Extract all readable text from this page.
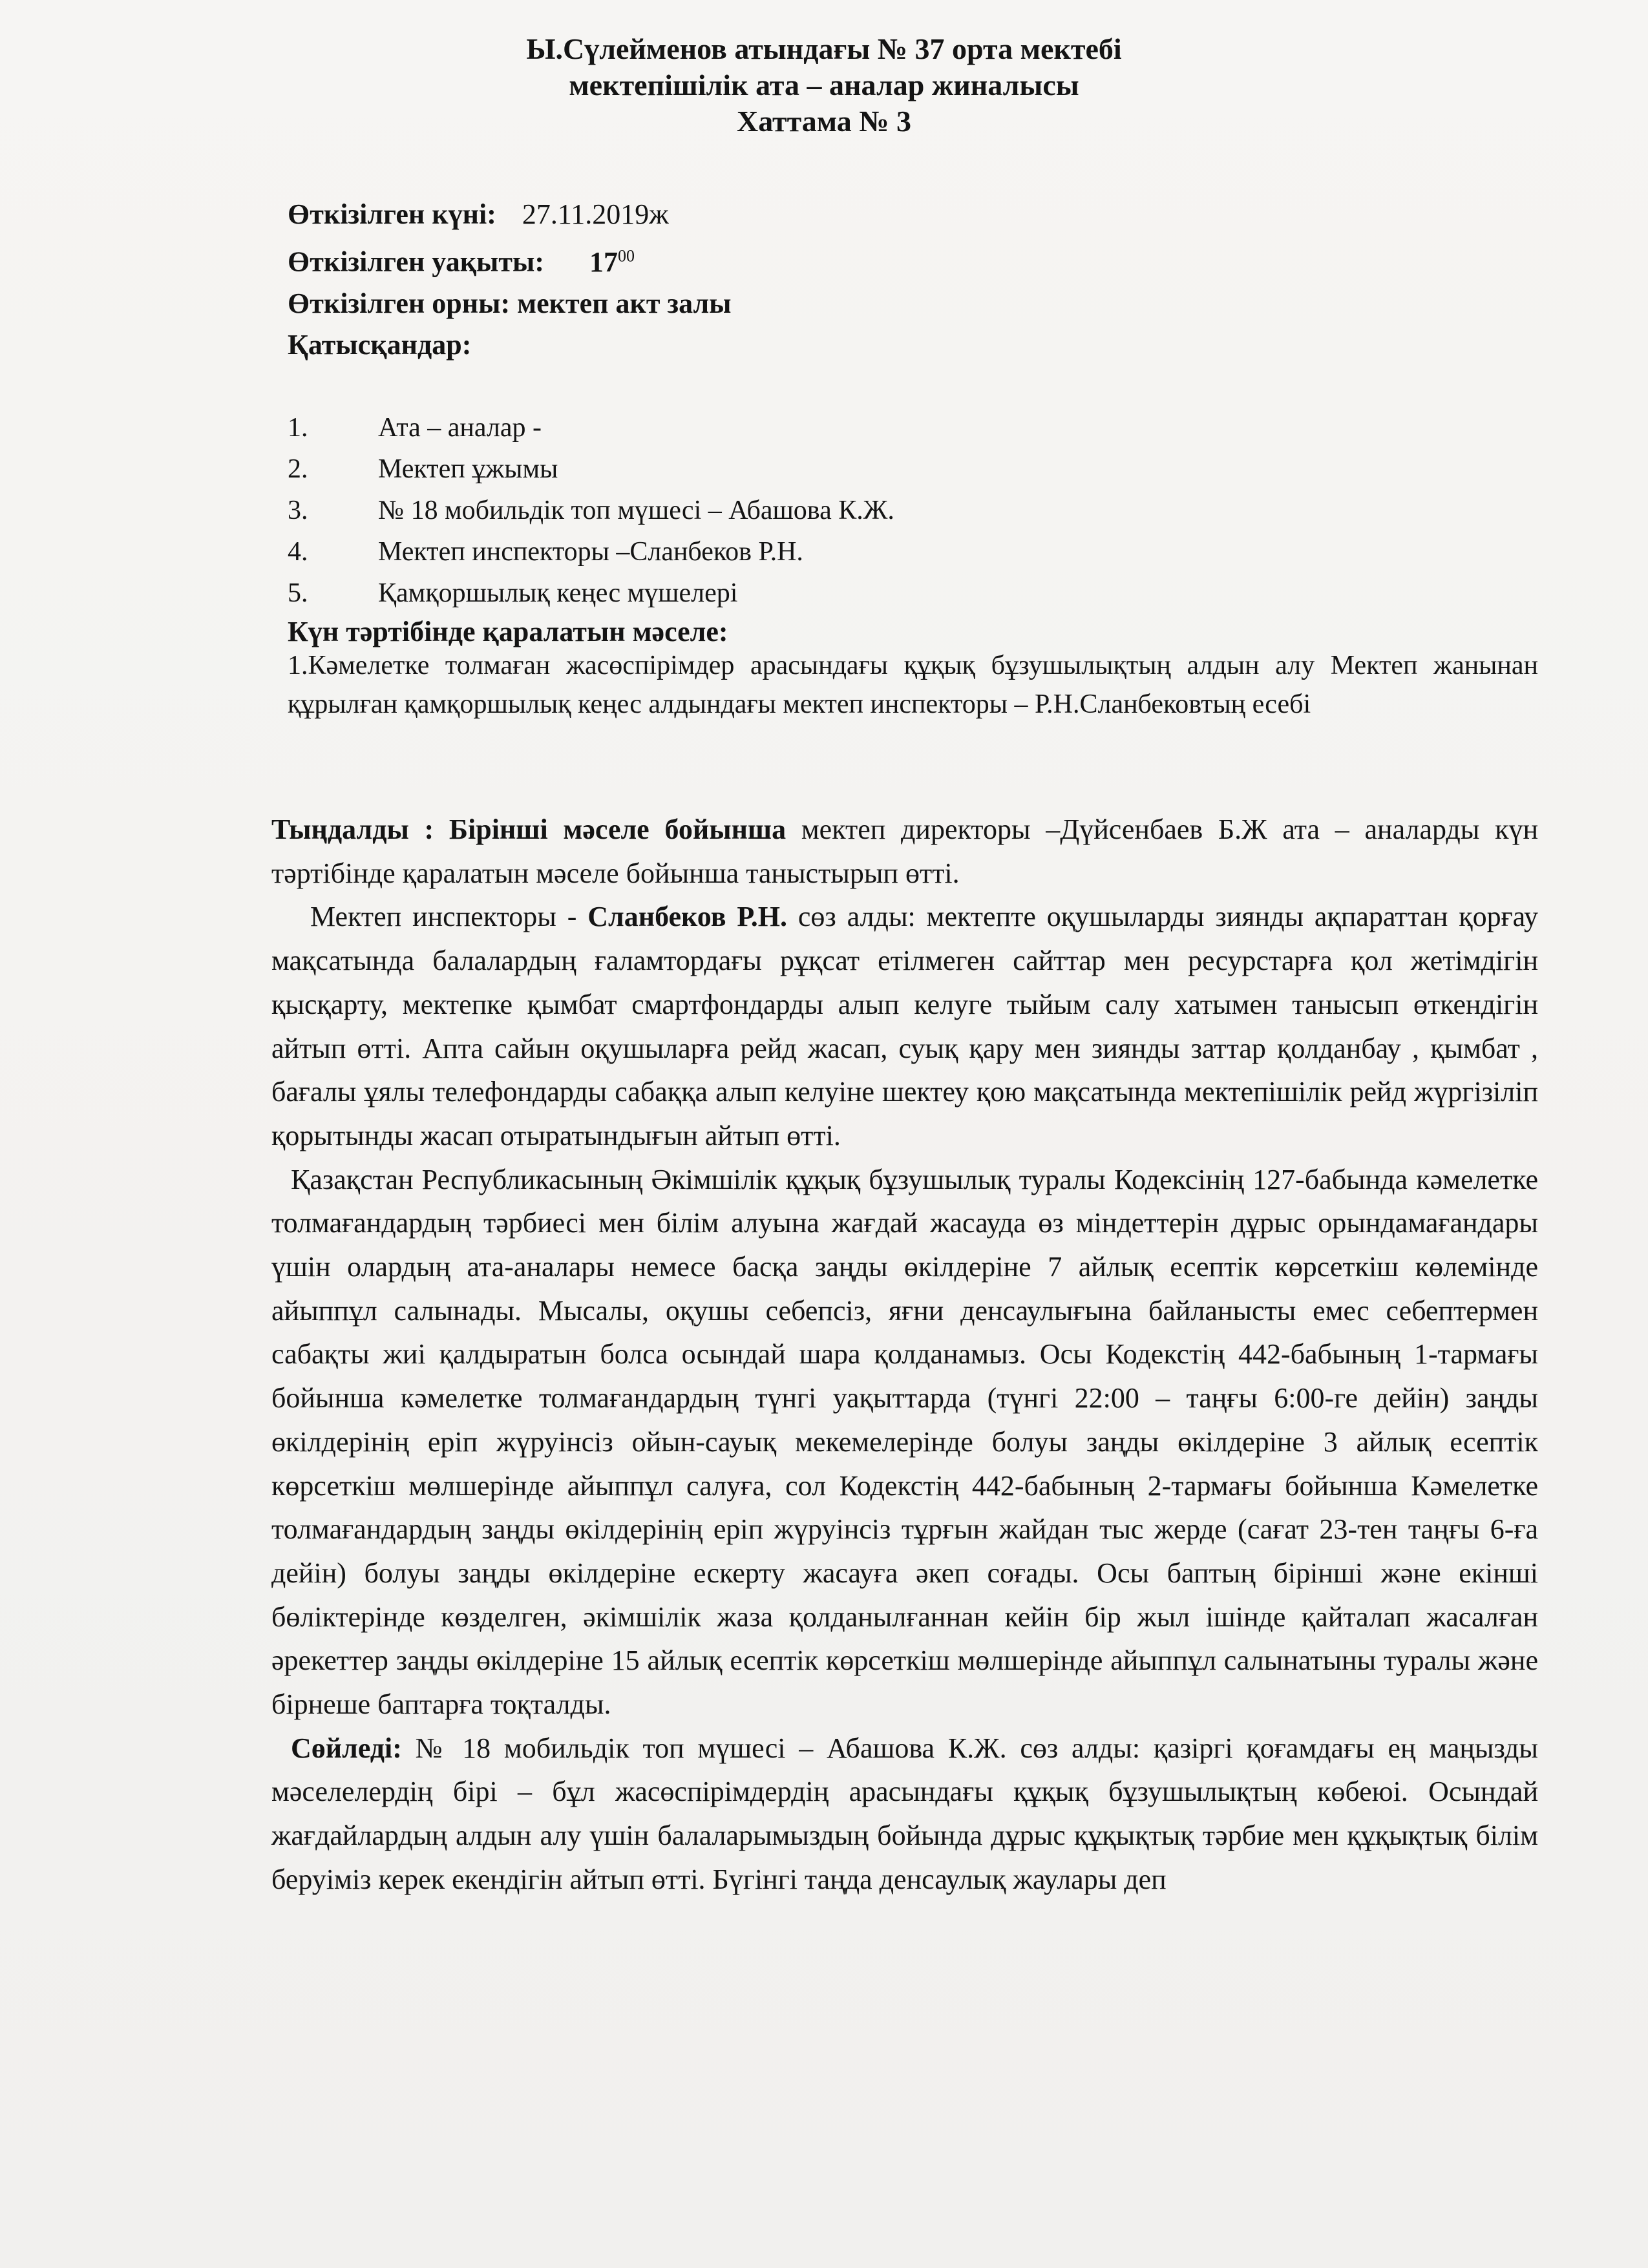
Ы.Сүлейменов атындағы № 37 орта мектебі
мектепішілік ата – аналар жиналысы
Хаттама № 3
Өткізілген күні: 27.11.2019ж
Өткізілген уақыты: $17^{00}$
Өткізілген орны: мектеп акт залы
Қатысқандар:
1.	Ата – аналар -
2.	Мектеп ұжымы
3.	№ 18 мобильдік топ мүшесі – Абашова К.Ж.
4.	Мектеп инспекторы –Сланбеков Р.Н.
5.	Қамқоршылық кеңес мүшелері
Күн тәртібінде қаралатын мәселе:
1.Кәмелетке толмаған жасөспірімдер арасындағы құқық бұзушылықтың алдын алу Мектеп жанынан құрылған қамқоршылық кеңес алдындағы мектеп инспекторы – Р.Н.Сланбековтың есебі

Тыңдалды : Бірінші мәселе бойынша мектеп директоры –Дүйсенбаев Б.Ж ата – аналарды күн тәртібінде қаралатын мәселе бойынша таныстырып өтті.

Мектеп инспекторы - Сланбеков Р.Н. сөз алды: мектепте оқушыларды зиянды ақпараттан қорғау мақсатында балалардың ғаламтордағы рұқсат етілмеген сайттар мен ресурстарға қол жетімдігін қысқарту, мектепке қымбат смартфондарды алып келуге тыйым салу хатымен танысып өткендігін айтып өтті. Апта сайын оқушыларға рейд жасап, суық қару мен зиянды заттар қолданбау , қымбат , бағалы ұялы телефондарды сабаққа алып келуіне шектеу қою мақсатында мектепішілік рейд жүргізіліп қорытынды жасап отыратындығын айтып өтті.

Қазақстан Республикасының Әкімшілік құқық бұзушылық туралы Кодексінің 127-бабында кәмелетке толмағандардың тәрбиесі мен білім алуына жағдай жасауда өз міндеттерін дұрыс орындамағандары үшін олардың ата-аналары немесе басқа заңды өкілдеріне 7 айлық есептік көрсеткіш көлемінде айыппұл салынады. Мысалы, оқушы себепсіз, яғни денсаулығына байланысты емес себептермен сабақты жиі қалдыратын болса осындай шара қолданамыз. Осы Кодекстің 442-бабының 1-тармағы бойынша кәмелетке толмағандардың түнгі уақыттарда (түнгі 22:00 – таңғы 6:00-ге дейін) заңды өкілдерінің еріп жүруінсіз ойын-сауық мекемелерінде болуы заңды өкілдеріне 3 айлық есептік көрсеткіш мөлшерінде айыппұл салуға, сол Кодекстің 442-бабының 2-тармағы бойынша Кәмелетке толмағандардың заңды өкілдерінің еріп жүруінсіз тұрғын жайдан тыс жерде (сағат 23-тен таңғы 6-ға дейін) болуы заңды өкілдеріне ескерту жасауға әкеп соғады. Осы баптың бірінші және екінші бөліктерінде көзделген, әкімшілік жаза қолданылғаннан кейін бір жыл ішінде қайталап жасалған әрекеттер заңды өкілдеріне 15 айлық есептік көрсеткіш мөлшерінде айыппұл салынатыны туралы және бірнеше баптарға тоқталды.

Сөйледі: № 18 мобильдік топ мүшесі – Абашова К.Ж. сөз алды: қазіргі қоғамдағы ең маңызды мәселелердің бірі – бұл жасөспірімдердің арасындағы құқық бұзушылықтың көбеюі. Осындай жағдайлардың алдын алу үшін балаларымыздың бойында дұрыс құқықтық тәрбие мен құқықтық білім беруіміз керек екендігін айтып өтті. Бүгінгі таңда денсаулық жаулары деп
